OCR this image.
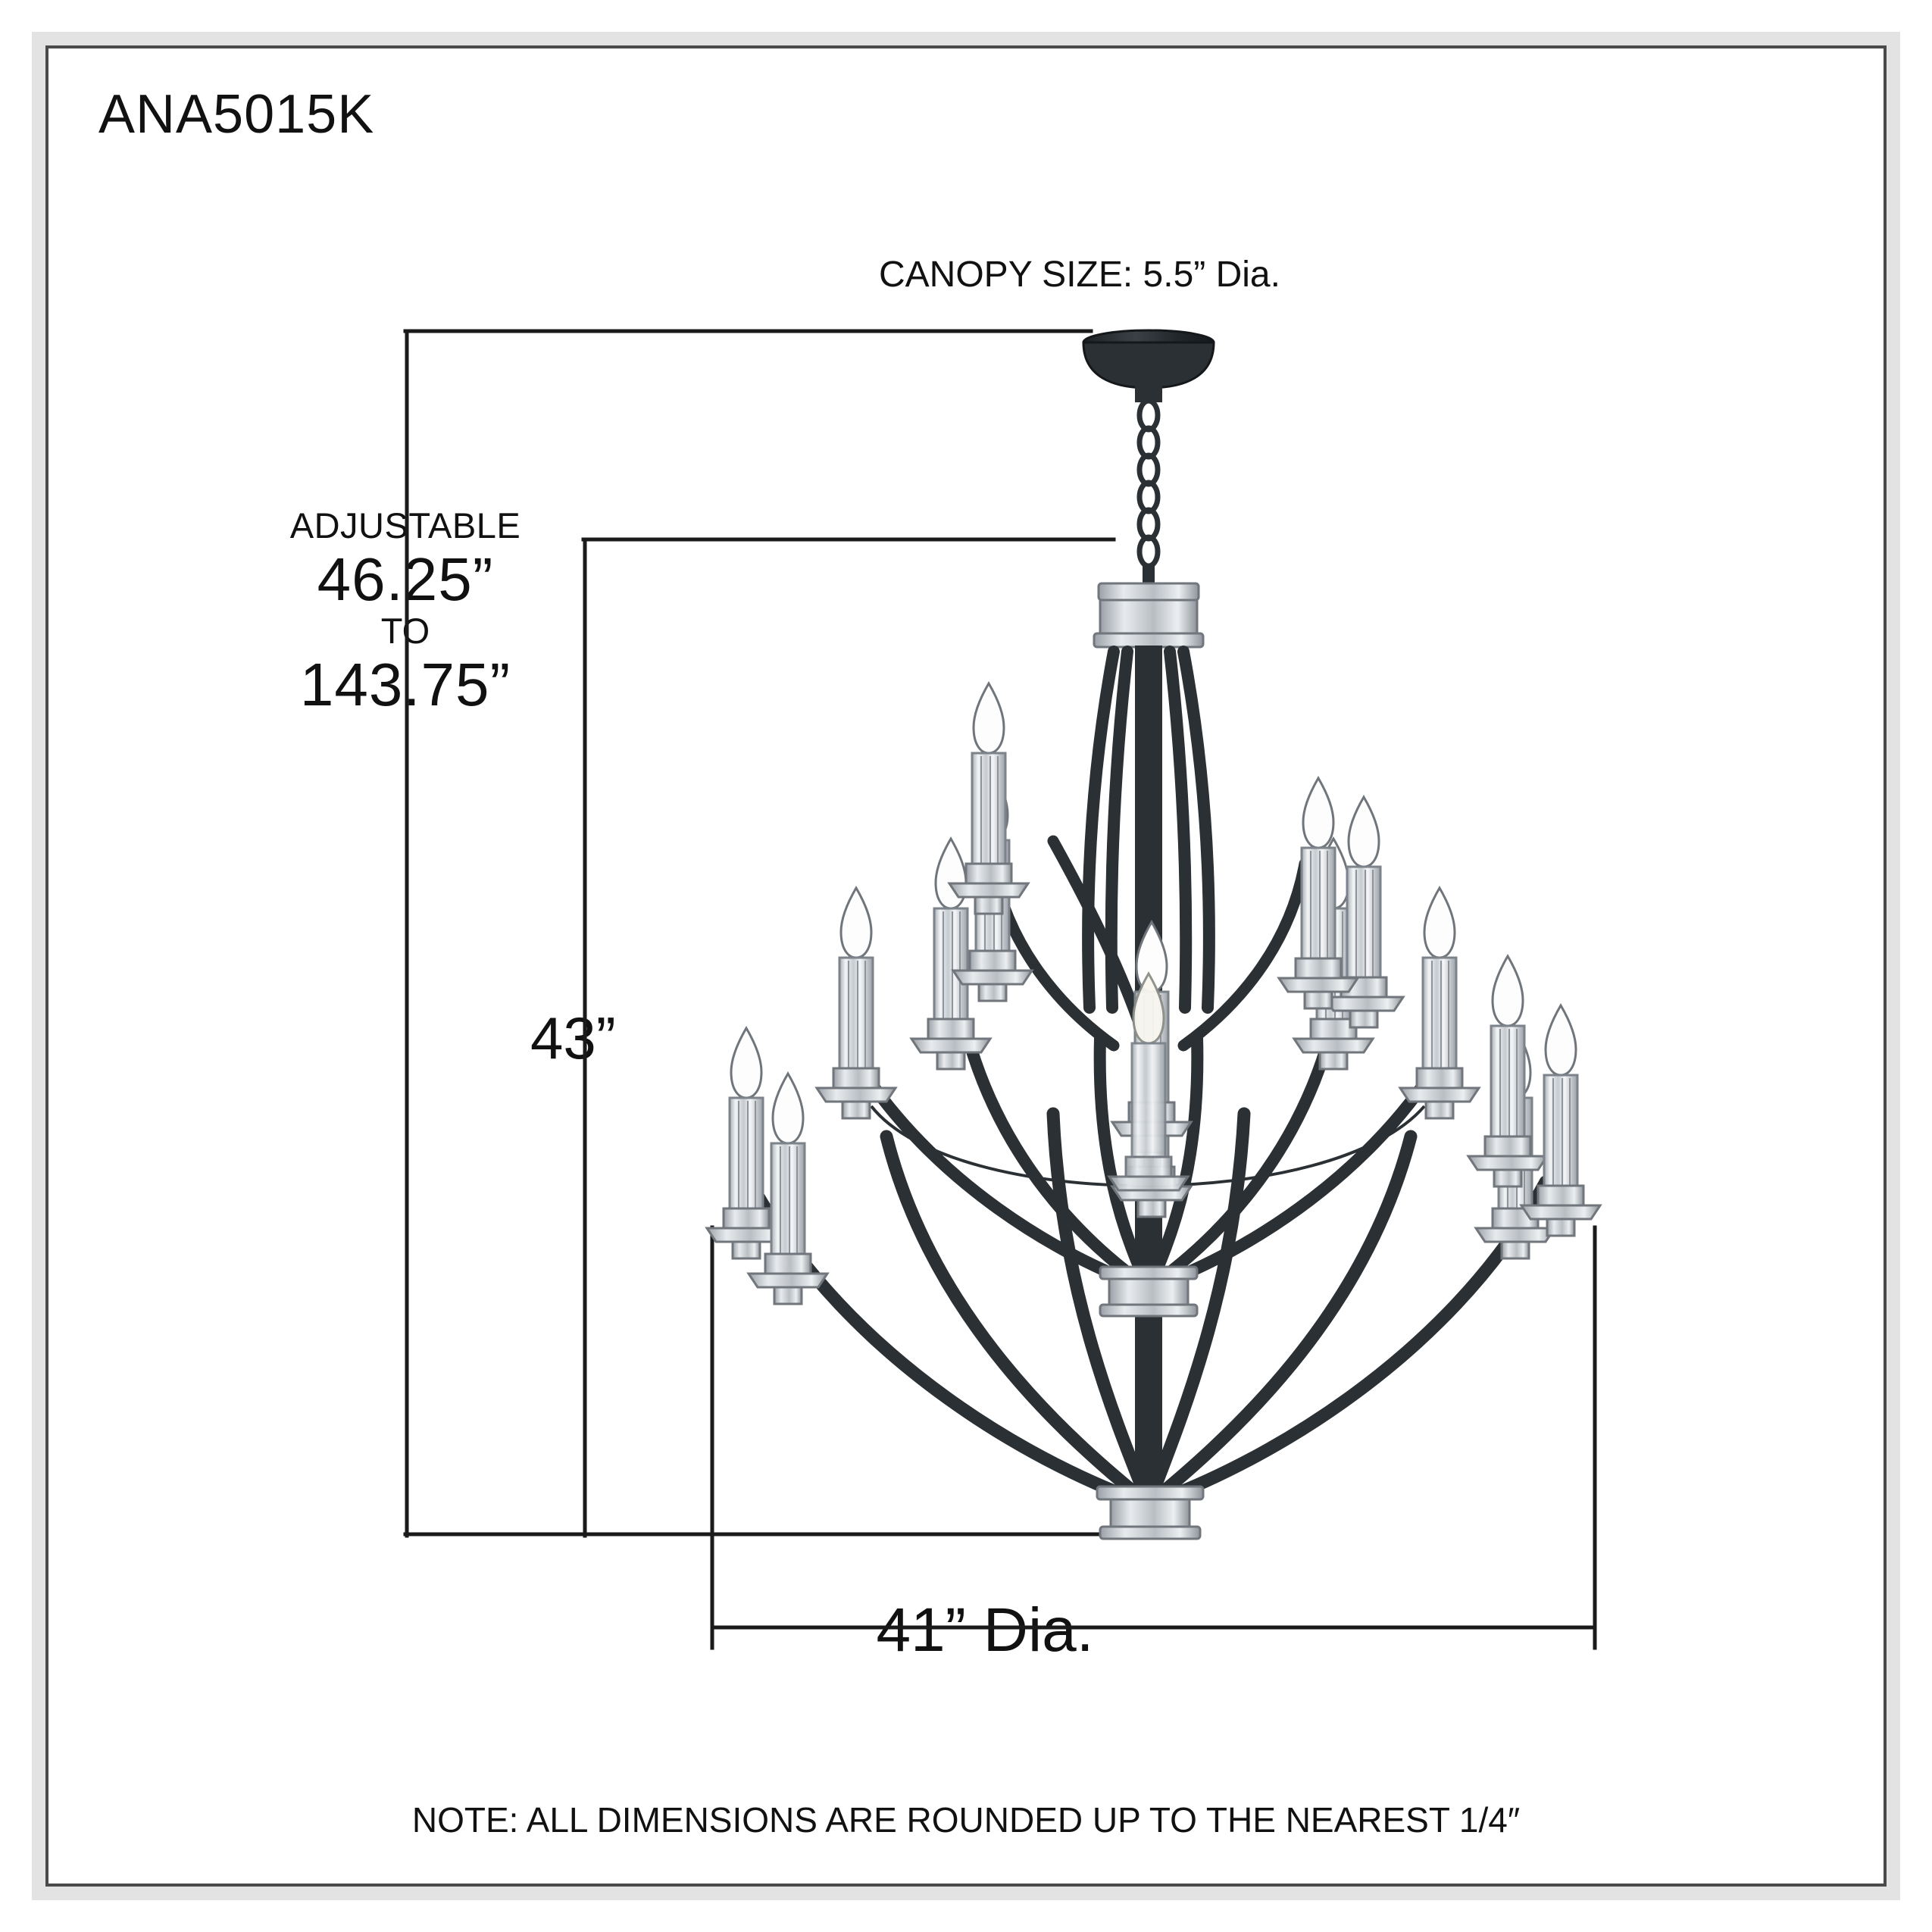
ANA5015K
CANOPY SIZE: 5.5” Dia.
ADJUSTABLE
46.25”
TO
143.75”
43”
41” Dia.
NOTE: ALL DIMENSIONS ARE ROUNDED UP TO THE NEAREST 1/4″
